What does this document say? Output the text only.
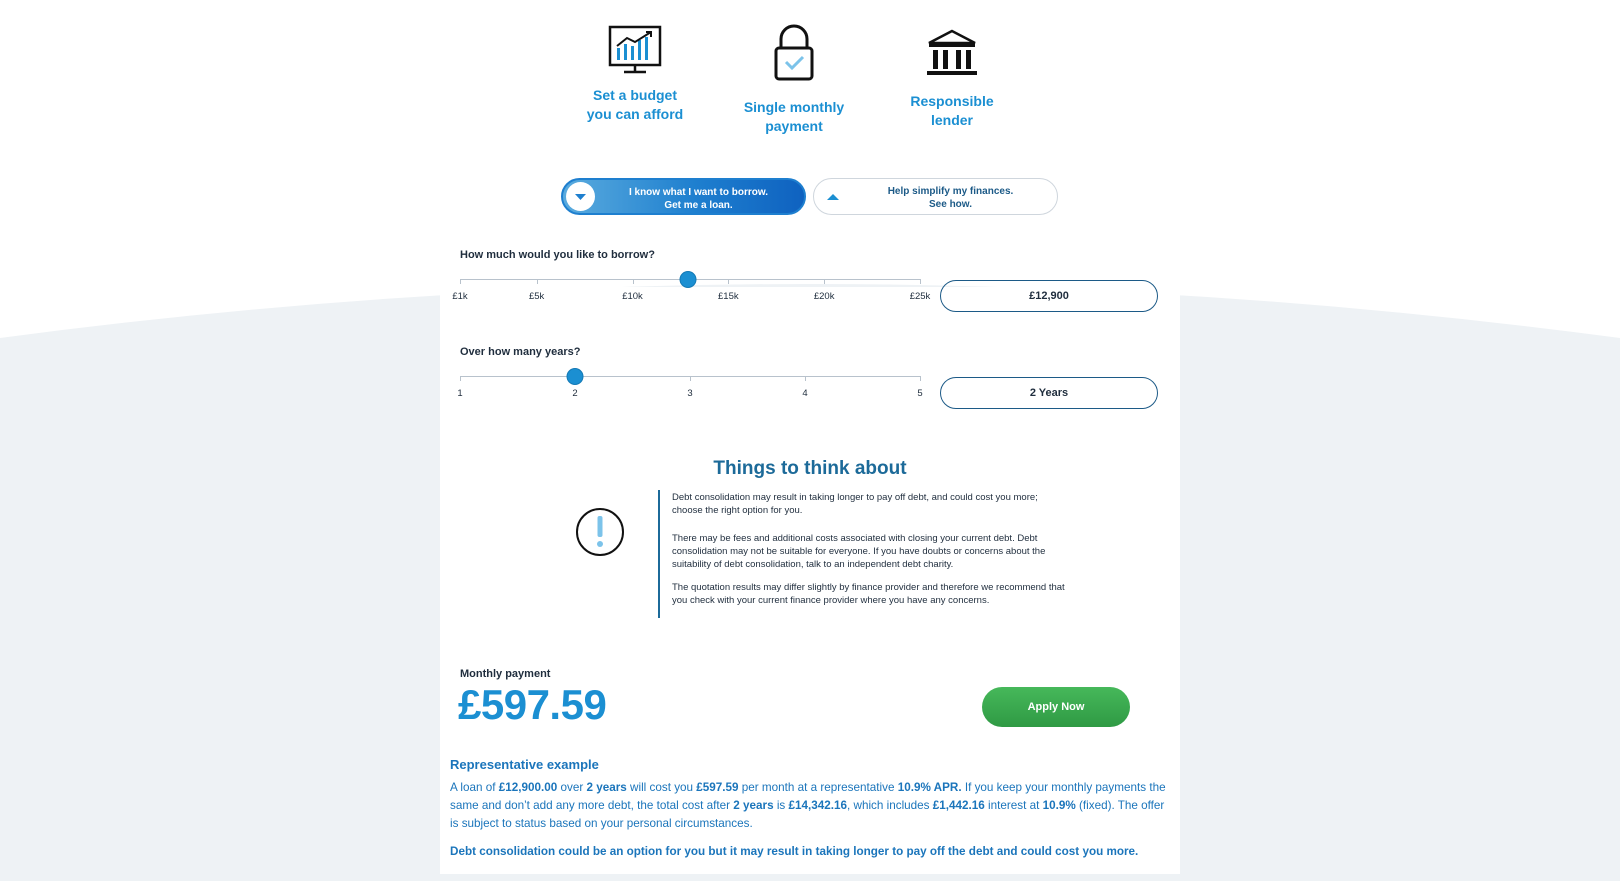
Set a budget
you can afford	Single monthly
payment
Responsible
lender
I know what I want to borrow.
Get me a loan.
Help simplify my finances.
See how.
How much would you like to borrow?
£1k	£5k	£10k	£15k	£20k	£25k	£12,900
Over how many years?
1	2	3	4	5	2 Years
Things to think about

Debt consolidation may result in taking longer to pay off debt, and could cost you more; choose the right option for you.

There may be fees and additional costs associated with closing your current debt. Debt consolidation may not be suitable for everyone. If you have doubts or concerns about the suitability of debt consolidation, talk to an independent debt charity.

The quotation results may differ slightly by finance provider and therefore we recommend that you check with your current finance provider where you have any concerns.

Monthly payment
£597.59	Apply Now
Representative example
A loan of £12,900.00 over 2 years will cost you £597.59 per month at a representative 10.9% APR. If you keep your monthly payments the same and don’t add any more debt, the total cost after 2 years is £14,342.16, which includes £1,442.16 interest at 10.9% (fixed). The offer is subject to status based on your personal circumstances.
Debt consolidation could be an option for you but it may result in taking longer to pay off the debt and could cost you more.
